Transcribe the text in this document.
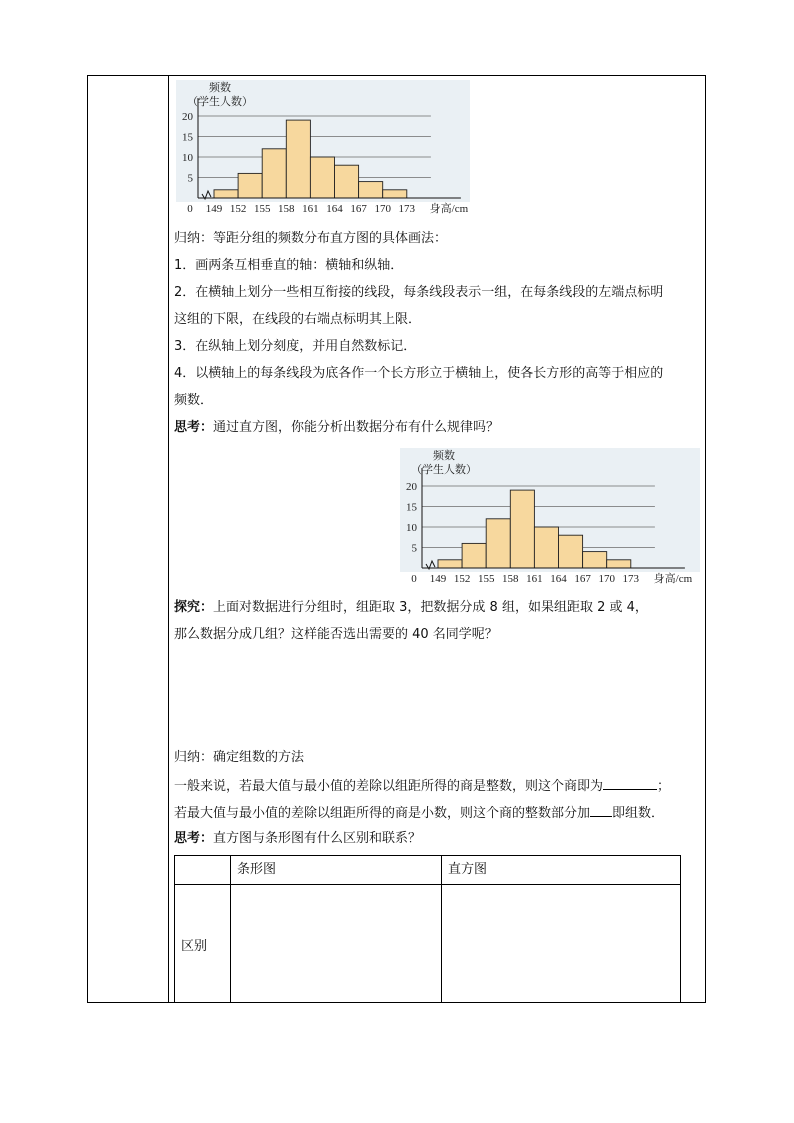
5
10
15
20
频数
（学生人数）
0 149 152 155 158 161 164 167 170 173 身高/cm
归纳：等距分组的频数分布直方图的具体画法：
1．画两条互相垂直的轴：横轴和纵轴．
2．在横轴上划分一些相互衔接的线段，每条线段表示一组，在每条线段的左端点标明
这组的下限，在线段的右端点标明其上限．
3．在纵轴上划分刻度，并用自然数标记．
4．以横轴上的每条线段为底各作一个长方形立于横轴上，使各长方形的高等于相应的
频数．
思考：通过直方图，你能分析出数据分布有什么规律吗？
5
10
15
20
频数
（学生人数）
0 149 152 155 158 161 164 167 170 173 身高/cm
探究：上面对数据进行分组时，组距取 3，把数据分成 8 组，如果组距取 2 或 4，
那么数据分成几组？这样能否选出需要的 40 名同学呢？
归纳：确定组数的方法
一般来说，若最大值与最小值的差除以组距所得的商是整数，则这个商即为	；
若最大值与最小值的差除以组距所得的商是小数，则这个商的整数部分加 即组数．
思考：直方图与条形图有什么区别和联系？
	条形图	直方图
区别		
